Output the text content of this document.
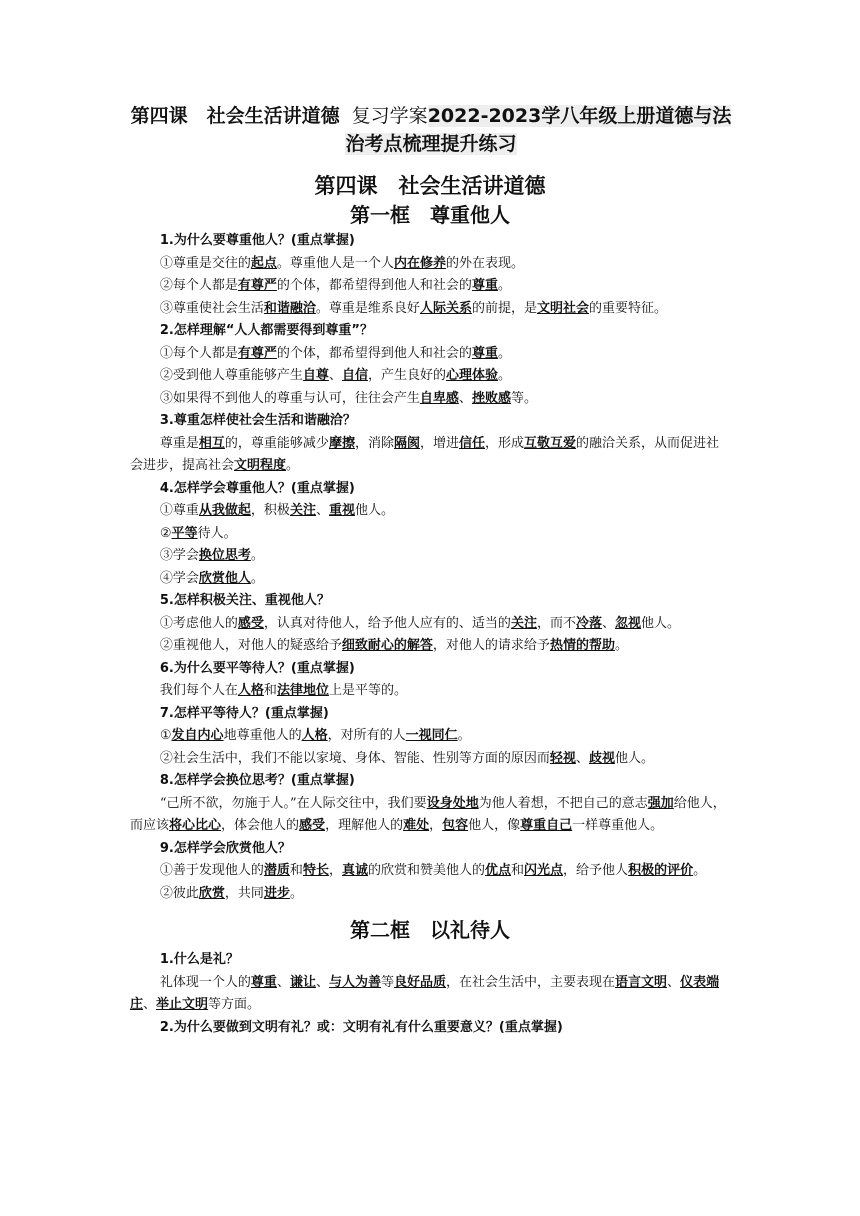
第四课　社会生活讲道德 复习学案2022-2023学八年级上册道德与法治考点梳理提升练习
第四课　社会生活讲道德
第一框　尊重他人

1.为什么要尊重他人？(重点掌握)

①尊重是交往的起点。尊重他人是一个人内在修养的外在表现。

②每个人都是有尊严的个体，都希望得到他人和社会的尊重。

③尊重使社会生活和谐融洽。尊重是维系良好人际关系的前提，是文明社会的重要特征。

2.怎样理解“人人都需要得到尊重”？

①每个人都是有尊严的个体，都希望得到他人和社会的尊重。

②受到他人尊重能够产生自尊、自信，产生良好的心理体验。

③如果得不到他人的尊重与认可，往往会产生自卑感、挫败感等。

3.尊重怎样使社会生活和谐融洽？

尊重是相互的，尊重能够减少摩擦，消除隔阂，增进信任，形成互敬互爱的融洽关系，从而促进社会进步，提高社会文明程度。

4.怎样学会尊重他人？(重点掌握)

①尊重从我做起，积极关注、重视他人。

②平等待人。

③学会换位思考。

④学会欣赏他人。

5.怎样积极关注、重视他人？

①考虑他人的感受，认真对待他人，给予他人应有的、适当的关注，而不冷落、忽视他人。

②重视他人，对他人的疑惑给予细致耐心的解答，对他人的请求给予热情的帮助。

6.为什么要平等待人？(重点掌握)

我们每个人在人格和法律地位上是平等的。

7.怎样平等待人？(重点掌握)

①发自内心地尊重他人的人格，对所有的人一视同仁。

②社会生活中，我们不能以家境、身体、智能、性别等方面的原因而轻视、歧视他人。

8.怎样学会换位思考？(重点掌握)

“己所不欲，勿施于人。”在人际交往中，我们要设身处地为他人着想，不把自己的意志强加给他人，而应该将心比心，体会他人的感受，理解他人的难处，包容他人，像尊重自己一样尊重他人。

9.怎样学会欣赏他人？

①善于发现他人的潜质和特长，真诚的欣赏和赞美他人的优点和闪光点，给予他人积极的评价。

②彼此欣赏，共同进步。

第二框　以礼待人

1.什么是礼？

礼体现一个人的尊重、谦让、与人为善等良好品质，在社会生活中，主要表现在语言文明、仪表端庄、举止文明等方面。

2.为什么要做到文明有礼？或：文明有礼有什么重要意义？(重点掌握)
